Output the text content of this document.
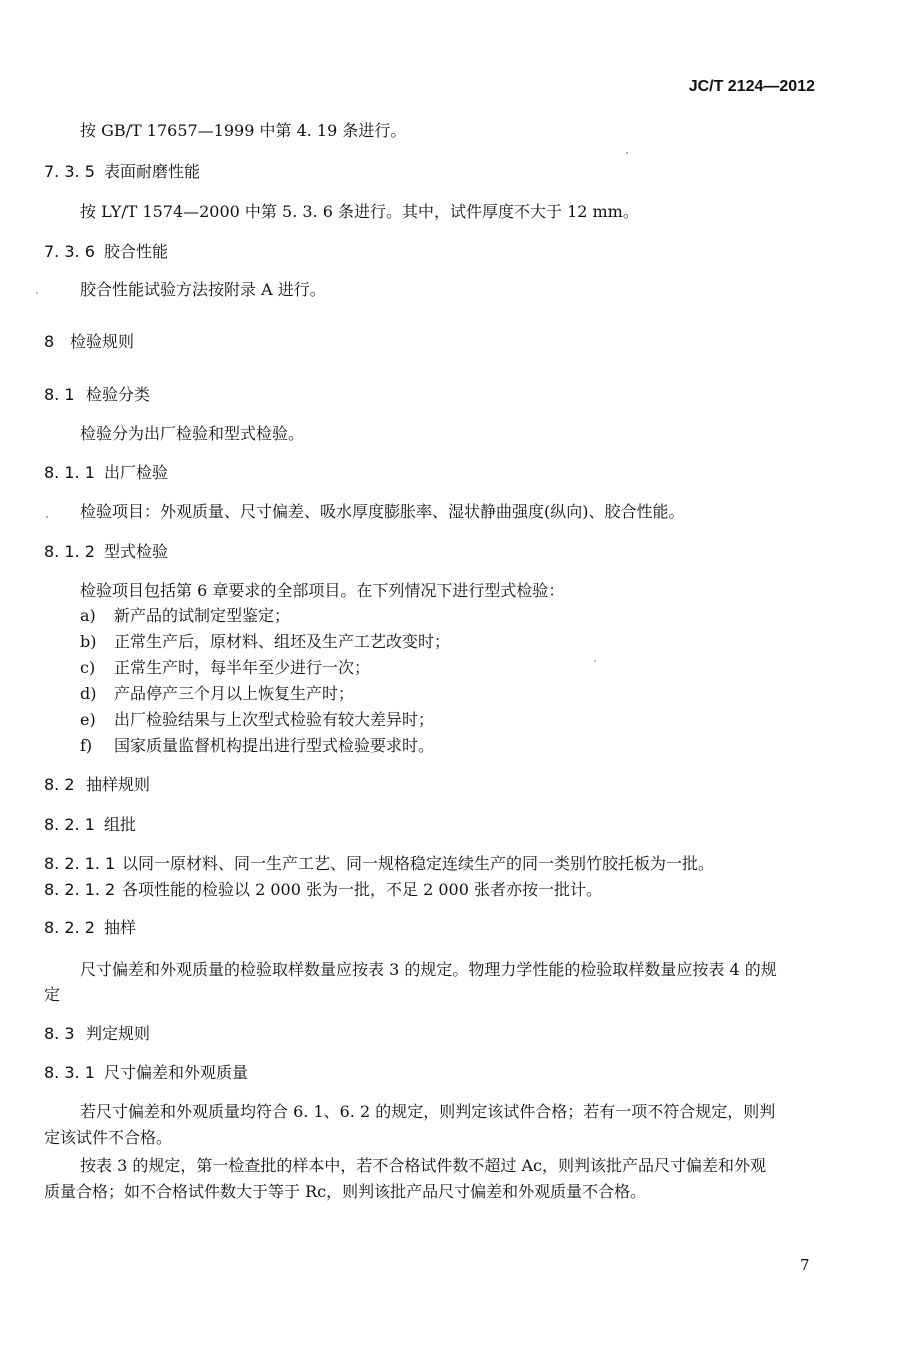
JC/T 2124—2012
按 GB/T 17657—1999 中第 4. 19 条进行。
7. 3. 5 表面耐磨性能
按 LY/T 1574—2000 中第 5. 3. 6 条进行。其中，试件厚度不大于 12 mm。
7. 3. 6 胶合性能
胶合性能试验方法按附录 A 进行。
8 检验规则
8. 1 检验分类
检验分为出厂检验和型式检验。
8. 1. 1 出厂检验
检验项目：外观质量、尺寸偏差、吸水厚度膨胀率、湿状静曲强度(纵向)、胶合性能。
8. 1. 2 型式检验
检验项目包括第 6 章要求的全部项目。在下列情况下进行型式检验：
a) 新产品的试制定型鉴定；
b) 正常生产后，原材料、组坯及生产工艺改变时；
c) 正常生产时，每半年至少进行一次；
d) 产品停产三个月以上恢复生产时；
e) 出厂检验结果与上次型式检验有较大差异时；
f) 国家质量监督机构提出进行型式检验要求时。
8. 2 抽样规则
8. 2. 1 组批
8. 2. 1. 1 以同一原材料、同一生产工艺、同一规格稳定连续生产的同一类别竹胶托板为一批。
8. 2. 1. 2 各项性能的检验以 2 000 张为一批，不足 2 000 张者亦按一批计。
8. 2. 2 抽样
尺寸偏差和外观质量的检验取样数量应按表 3 的规定。物理力学性能的检验取样数量应按表 4 的规
定
8. 3 判定规则
8. 3. 1 尺寸偏差和外观质量
若尺寸偏差和外观质量均符合 6. 1、6. 2 的规定，则判定该试件合格；若有一项不符合规定，则判
定该试件不合格。
按表 3 的规定，第一检查批的样本中，若不合格试件数不超过 Ac，则判该批产品尺寸偏差和外观
质量合格；如不合格试件数大于等于 Rc，则判该批产品尺寸偏差和外观质量不合格。
7
